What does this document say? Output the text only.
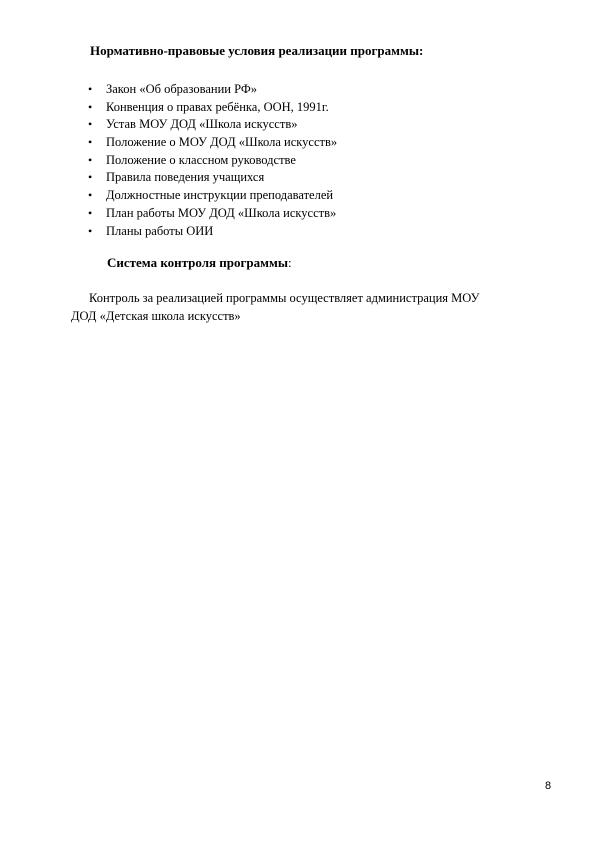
Нормативно-правовые условия реализации программы:
•	Закон «Об образовании РФ»
•	Конвенция о правах ребёнка, ООН, 1991г.
•	Устав МОУ ДОД «Школа искусств»
•	Положение о МОУ ДОД «Школа искусств»
•	Положение о классном руководстве
•	Правила поведения учащихся
•	Должностные инструкции преподавателей
•	План работы МОУ ДОД «Школа искусств»
•	Планы работы ОИИ
Система контроля программы:
Контроль за реализацией программы осуществляет администрация МОУ
ДОД «Детская школа искусств»
8
